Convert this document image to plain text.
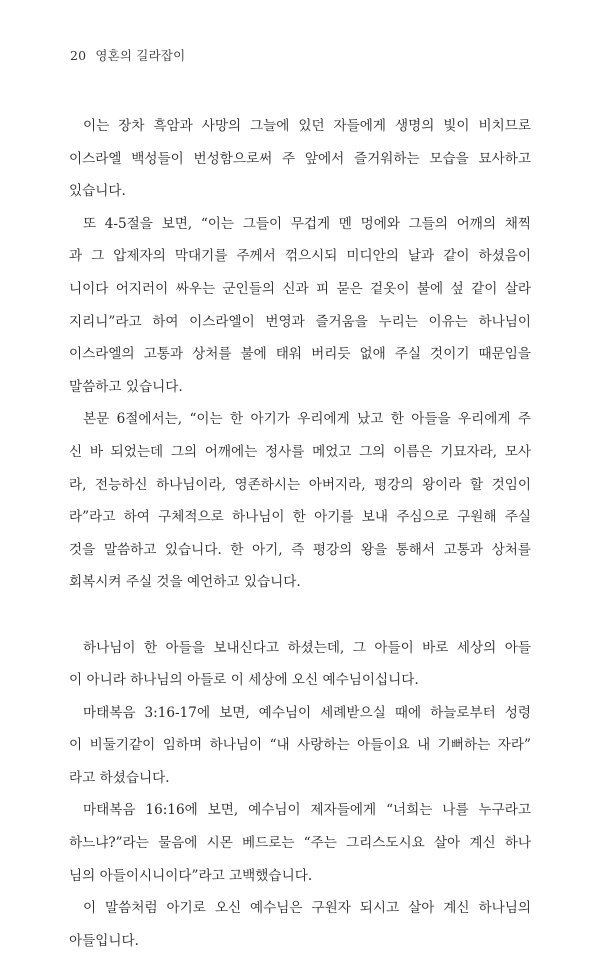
20 영혼의 길라잡이
이는 장차 흑암과 사망의 그늘에 있던 자들에게 생명의 빛이 비치므로
이스라엘 백성들이 번성함으로써 주 앞에서 즐거워하는 모습을 묘사하고
있습니다.
또 4-5절을 보면, “이는 그들이 무겁게 멘 멍에와 그들의 어깨의 채찍
과 그 압제자의 막대기를 주께서 꺾으시되 미디안의 날과 같이 하셨음이
니이다 어지러이 싸우는 군인들의 신과 피 묻은 겉옷이 불에 섶 같이 살라
지리니”라고 하여 이스라엘이 번영과 즐거움을 누리는 이유는 하나님이
이스라엘의 고통과 상처를 불에 태워 버리듯 없애 주실 것이기 때문임을
말씀하고 있습니다.
본문 6절에서는, “이는 한 아기가 우리에게 났고 한 아들을 우리에게 주
신 바 되었는데 그의 어깨에는 정사를 메었고 그의 이름은 기묘자라, 모사
라, 전능하신 하나님이라, 영존하시는 아버지라, 평강의 왕이라 할 것임이
라”라고 하여 구체적으로 하나님이 한 아기를 보내 주심으로 구원해 주실
것을 말씀하고 있습니다. 한 아기, 즉 평강의 왕을 통해서 고통과 상처를
회복시켜 주실 것을 예언하고 있습니다.
하나님이 한 아들을 보내신다고 하셨는데, 그 아들이 바로 세상의 아들
이 아니라 하나님의 아들로 이 세상에 오신 예수님이십니다.
마태복음 3:16-17에 보면, 예수님이 세례받으실 때에 하늘로부터 성령
이 비둘기같이 임하며 하나님이 “내 사랑하는 아들이요 내 기뻐하는 자라”
라고 하셨습니다.
마태복음 16:16에 보면, 예수님이 제자들에게 “너희는 나를 누구라고
하느냐?”라는 물음에 시몬 베드로는 “주는 그리스도시요 살아 계신 하나
님의 아들이시니이다”라고 고백했습니다.
이 말씀처럼 아기로 오신 예수님은 구원자 되시고 살아 계신 하나님의
아들입니다.
